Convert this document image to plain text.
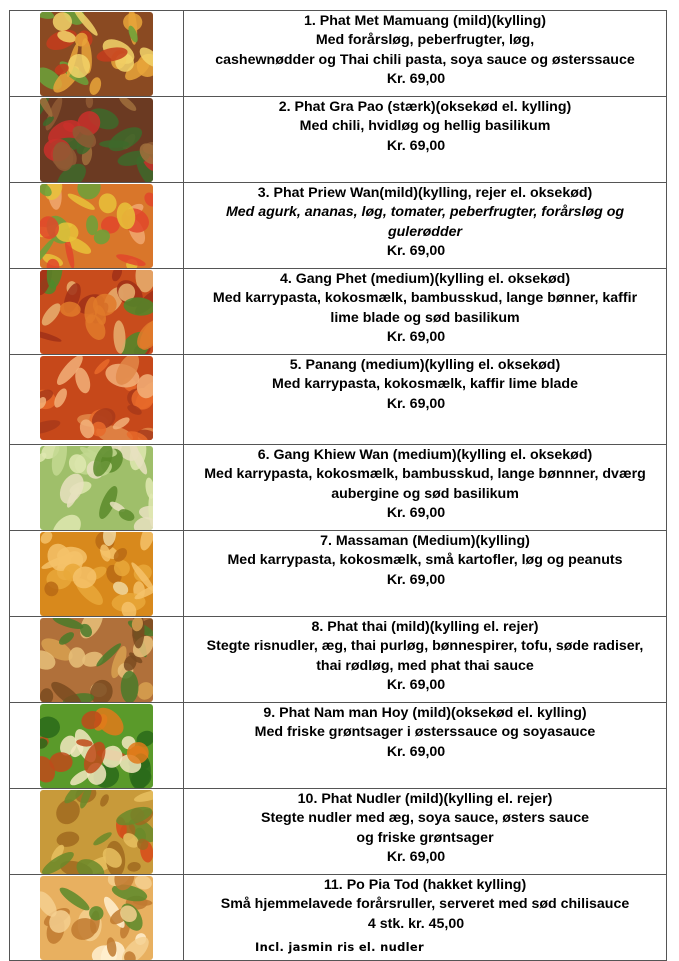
1. Phat Met Mamuang (mild)(kylling)
Med forårsløg, peberfrugter, løg,
cashewnødder og Thai chili pasta, soya sauce og østerssauce
Kr. 69,00

2. Phat Gra Pao (stærk)(oksekød el. kylling)
Med chili, hvidløg og hellig basilikum
Kr. 69,00

3. Phat Priew Wan(mild)(kylling, rejer el. oksekød)
Med agurk, ananas, løg, tomater, peberfrugter, forårsløg og
gulerødder
Kr. 69,00

4. Gang Phet (medium)(kylling el. oksekød)
Med karrypasta, kokosmælk, bambusskud, lange bønner, kaffir
lime blade og sød basilikum
Kr. 69,00

5. Panang (medium)(kylling el. oksekød)
Med karrypasta, kokosmælk, kaffir lime blade
Kr. 69,00

6. Gang Khiew Wan (medium)(kylling el. oksekød)
Med karrypasta, kokosmælk, bambusskud, lange bønnner, dværg
aubergine og sød basilikum
Kr. 69,00

7. Massaman (Medium)(kylling)
Med karrypasta, kokosmælk, små kartofler, løg og peanuts
Kr. 69,00

8. Phat thai (mild)(kylling el. rejer)
Stegte risnudler, æg, thai purløg, bønnespirer, tofu, søde radiser,
thai rødløg, med phat thai sauce
Kr. 69,00

9. Phat Nam man Hoy (mild)(oksekød el. kylling)
Med friske grøntsager i østerssauce og soyasauce
Kr. 69,00

10. Phat Nudler (mild)(kylling el. rejer)
Stegte nudler med æg, soya sauce, østers sauce
og friske grøntsager
Kr. 69,00

11. Po Pia Tod (hakket kylling)
Små hjemmelavede forårsruller, serveret med sød chilisauce
4 stk. kr. 45,00
Incl. jasmin ris el. nudler
